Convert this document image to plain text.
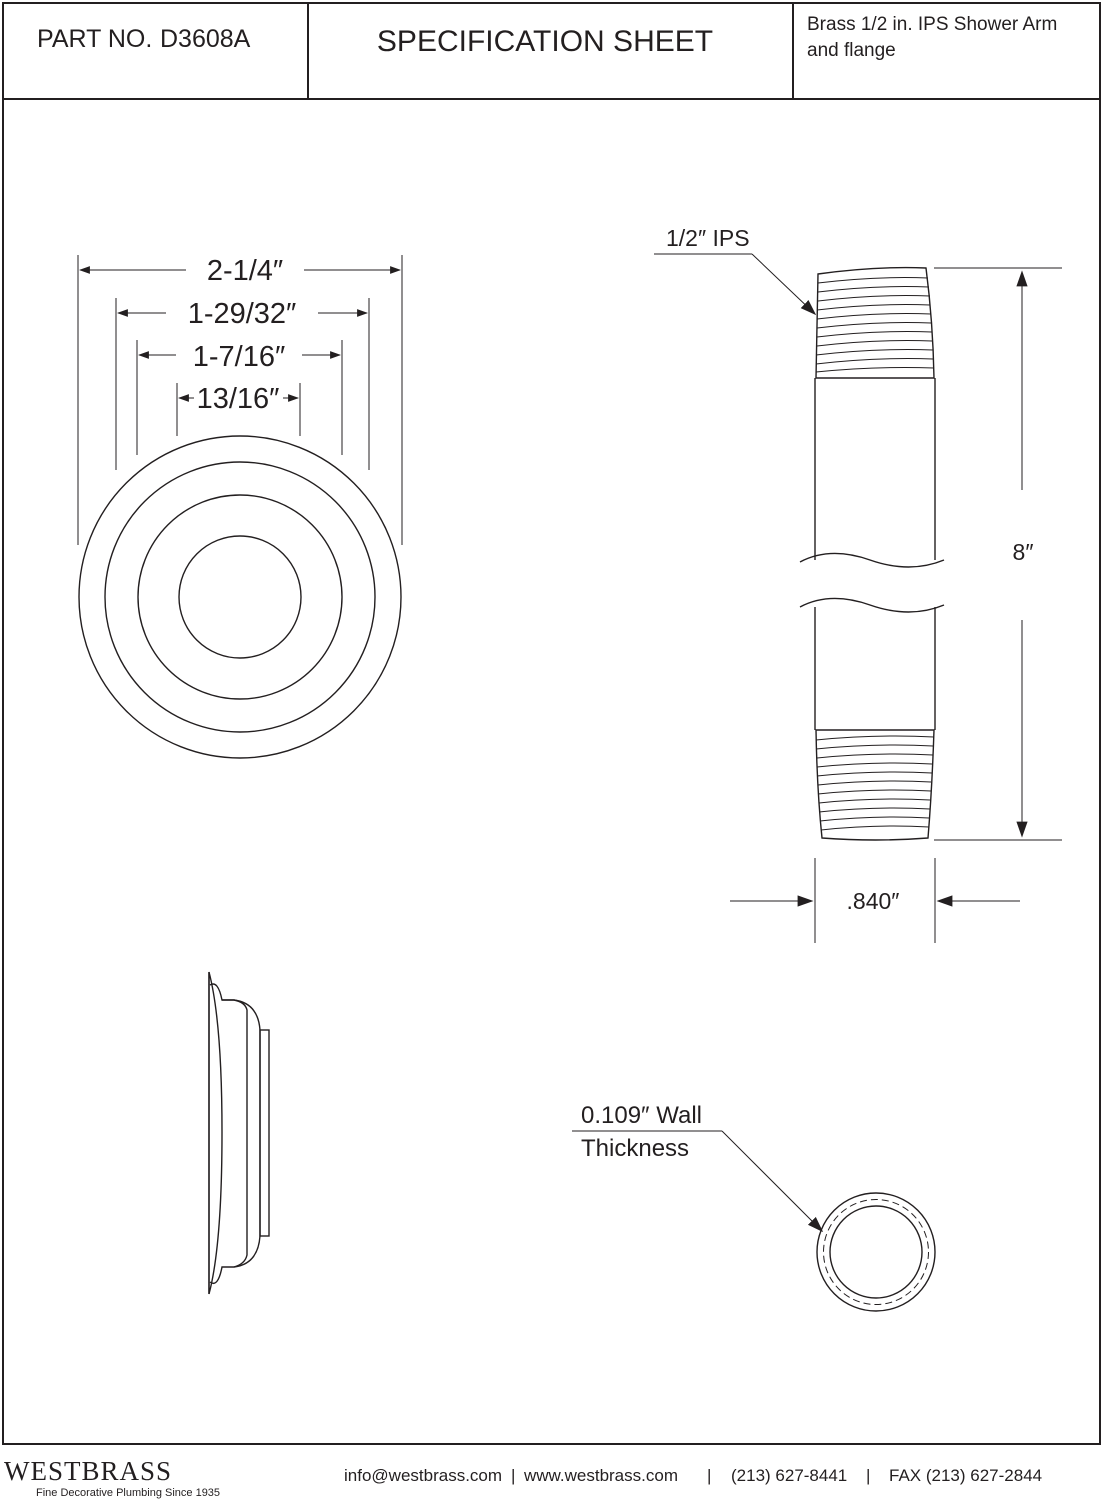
PART NO. D3608A	SPECIFICATION SHEET
Brass 1/2 in. IPS Shower Arm
and flange
2-1/4″
1-29/32″
1-7/16″
13/16″
1/2″ IPS
8″
.840″
0.109″ Wall
Thickness
WESTBRASS
Fine Decorative Plumbing Since 1935
info@westbrass.com | www.westbrass.com | (213) 627-8441 | FAX (213) 627-2844
